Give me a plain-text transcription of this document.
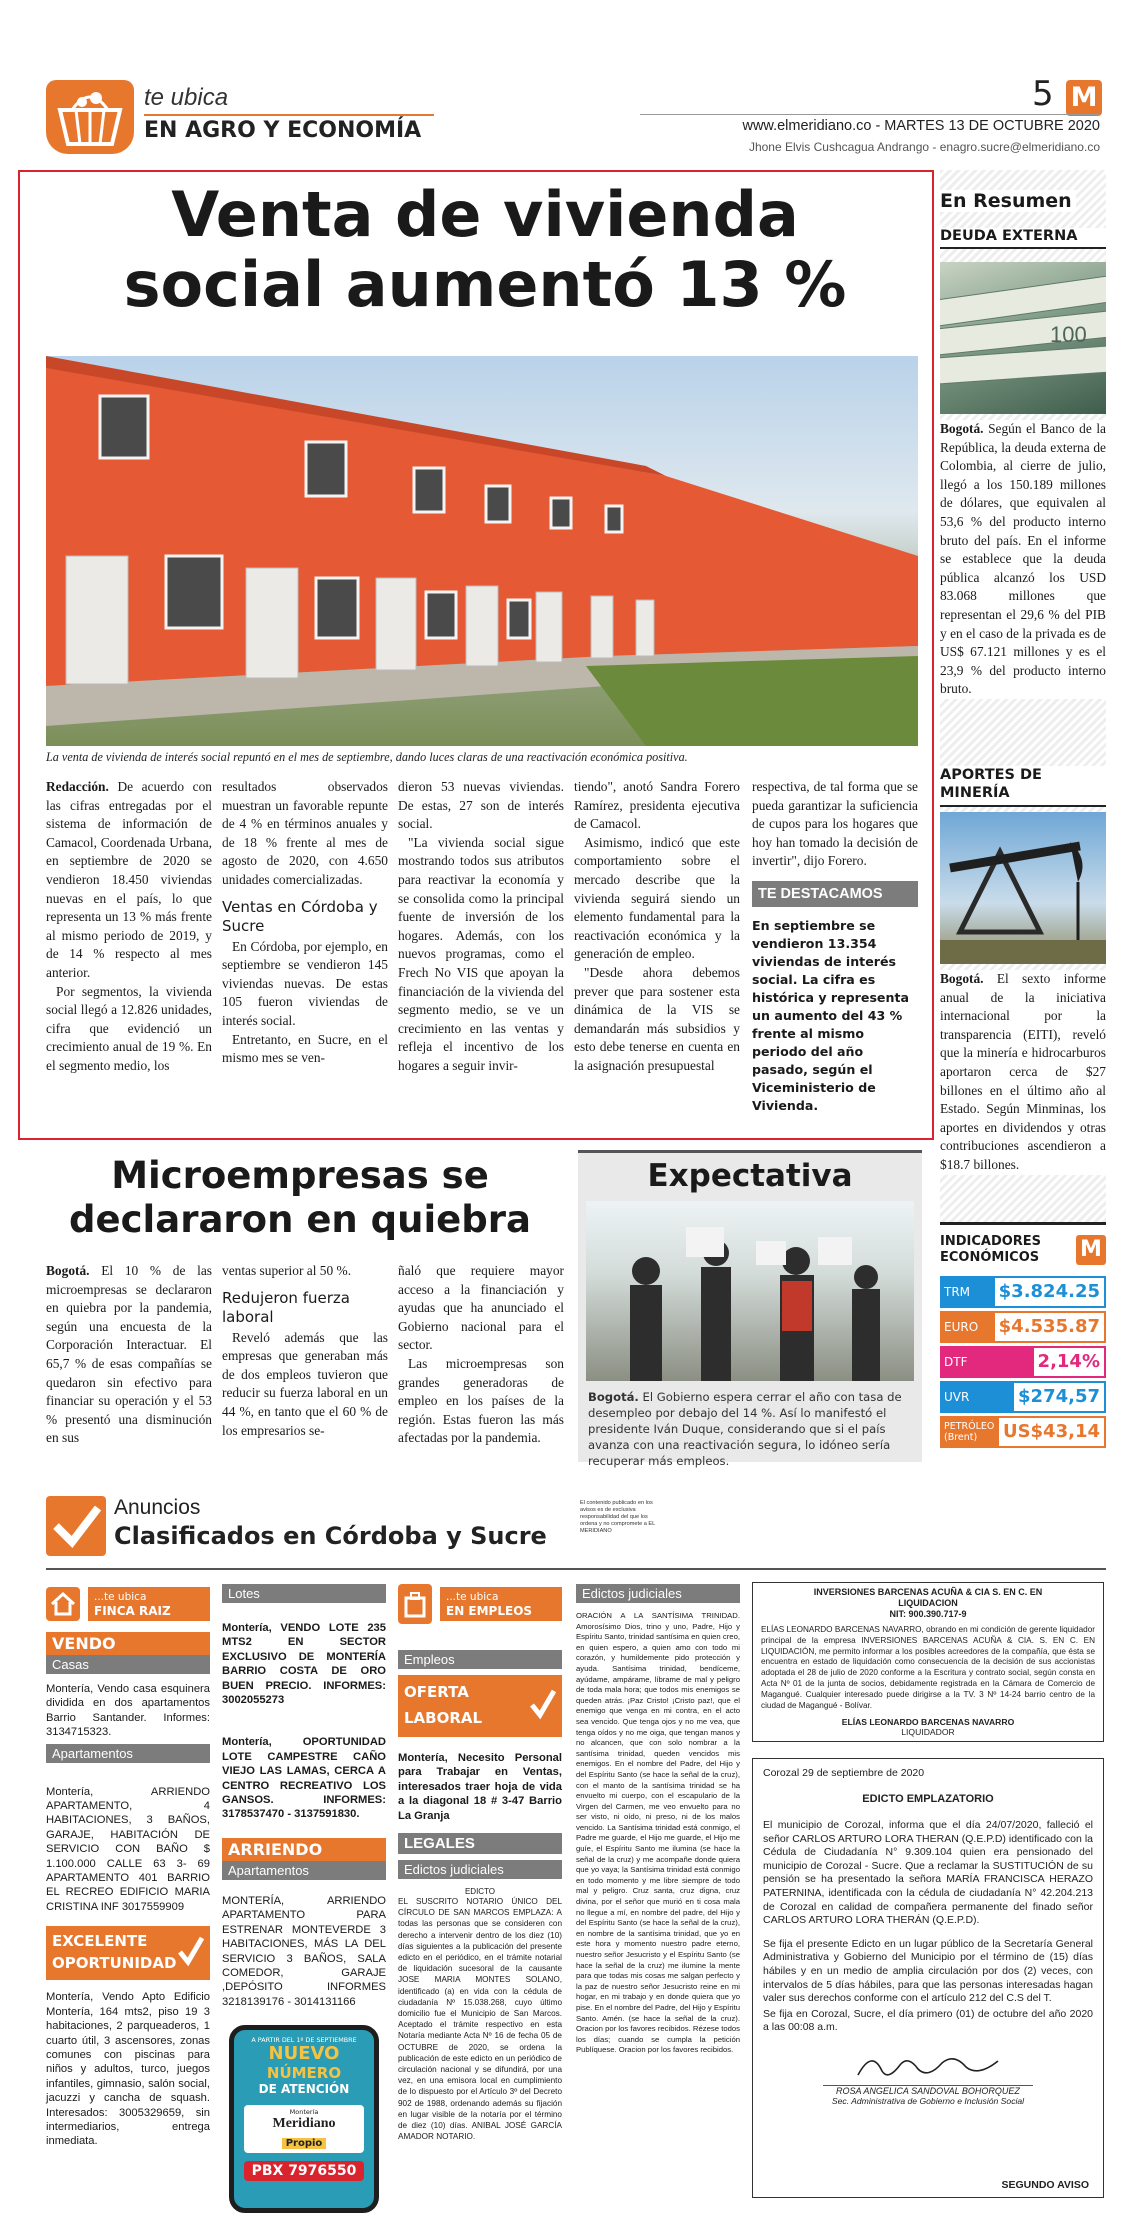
te ubica
EN AGRO Y ECONOMÍA
5 M
www.elmeridiano.co - MARTES 13 DE OCTUBRE 2020
Jhone Elvis Cushcagua Andrango - enagro.sucre@elmeridiano.co
Venta de vivienda social aumentó 13 %
La venta de vivienda de interés social repuntó en el mes de septiembre, dando luces claras de una reactivación económica positiva.
Redacción. De acuerdo con las cifras entregadas por el sistema de información de Camacol, Coordenada Urbana, en septiembre de 2020 se vendieron 18.450 viviendas nuevas en el país, lo que representa un 13 % más frente al mismo periodo de 2019, y de 14 % respecto al mes anterior.
Por segmentos, la vivienda social llegó a 12.826 unidades, cifra que evidenció un crecimiento anual de 19 %. En el segmento medio, los
resultados observados muestran un favorable repunte de 4 % en términos anuales y de 18 % frente al mes de agosto de 2020, con 4.650 unidades comercializadas.
Ventas en Córdoba y Sucre
En Córdoba, por ejemplo, en septiembre se vendieron 145 viviendas nuevas. De estas 105 fueron viviendas de interés social.
Entretanto, en Sucre, en el mismo mes se ven-
dieron 53 nuevas viviendas. De estas, 27 son de interés social.
"La vivienda social sigue mostrando todos sus atributos para reactivar la economía y se consolida como la principal fuente de inversión de los hogares. Además, con los nuevos programas, como el Frech No VIS que apoyan la financiación de la vivienda del segmento medio, se ve un crecimiento en las ventas y refleja el incentivo de los hogares a seguir invir-
tiendo", anotó Sandra Forero Ramírez, presidenta ejecutiva de Camacol.
Asimismo, indicó que este comportamiento sobre el mercado describe que la vivienda seguirá siendo un elemento fundamental para la reactivación económica y la generación de empleo.
"Desde ahora debemos prever que para sostener esta dinámica de la VIS se demandarán más subsidios y esto debe tenerse en cuenta en la asignación presupuestal
respectiva, de tal forma que se pueda garantizar la suficiencia de cupos para los hogares que hoy han tomado la decisión de invertir", dijo Forero.
TE DESTACAMOS
En septiembre se vendieron 13.354 viviendas de interés social. La cifra es histórica y representa un aumento del 43 % frente al mismo periodo del año pasado, según el Viceministerio de Vivienda.
En Resumen
DEUDA EXTERNA
100
Bogotá. Según el Banco de la República, la deuda externa de Colombia, al cierre de julio, llegó a los 150.189 millones de dólares, que equivalen al 53,6 % del producto interno bruto del país. En el informe se establece que la deuda pública alcanzó los USD 83.068 millones que representan el 29,6 % del PIB y en el caso de la privada es de US$ 67.121 millones y es el 23,9 % del producto interno bruto.
APORTES DE MINERÍA
Bogotá. El sexto informe anual de la iniciativa internacional por la transparencia (EITI), reveló que la minería e hidrocarburos aportaron cerca de $27 billones en el último año al Estado. Según Minminas, los aportes en dividendos y otras contribuciones ascendieron a $18.7 billones.
INDICADORES ECONÓMICOS	M
TRM $3.824.25
EURO $4.535.87
DTF	2,14%
UVR	$274,57
PETRÓLEO (Brent)	US$43,14
Microempresas se declararon en quiebra
Bogotá. El 10 % de las microempresas se declararon en quiebra por la pandemia, según una encuesta de la Corporación Interactuar. El 65,7 % de esas compañías se quedaron sin efectivo para financiar su operación y el 53 % presentó una disminución en sus
ventas superior al 50 %.
Redujeron fuerza laboral
Reveló además que las empresas que generaban más de dos empleos tuvieron que reducir su fuerza laboral en un 44 %, en tanto que el 60 % de los empresarios se-
ñaló que requiere mayor acceso a la financiación y ayudas que ha anunciado el Gobierno nacional para el sector.
Las microempresas son grandes generadoras de empleo en los países de la región. Estas fueron las más afectadas por la pandemia.
Expectativa
Bogotá. El Gobierno espera cerrar el año con tasa de desempleo por debajo del 14 %. Así lo manifestó el presidente Iván Duque, considerando que si el país avanza con una reactivación segura, lo idóneo sería recuperar más empleos.
Anuncios
Clasificados en Córdoba y Sucre
El contenido publicado en los avisos es de exclusiva responsabilidad del que los ordena y no compromete a EL MERIDIANO
...te ubica
FINCA RAIZ
VENDO
Casas
Montería, Vendo casa esquinera dividida en dos apartamentos Barrio Santander. Informes: 3134715323.
Apartamentos
Montería, ARRIENDO APARTAMENTO, 4 HABITACIONES, 3 BAÑOS, GARAJE, HABITACIÓN DE SERVICIO CON BAÑO $ 1.100.000 CALLE 63 3- 69 APARTAMENTO 401 BARRIO EL RECREO EDIFICIO MARIA CRISTINA INF 3017559909
EXCELENTE
OPORTUNIDAD
Montería, Vendo Apto Edificio Montería, 164 mts2, piso 19 3 habitaciones, 2 parqueaderos, 1 cuarto útil, 3 ascensores, zonas comunes con piscinas para niños y adultos, turco, juegos infantiles, gimnasio, salón social, jacuzzi y cancha de squash. Interesados: 3005329659, sin intermediarios, entrega inmediata.
Lotes
Montería, VENDO LOTE 235 MTS2 EN SECTOR EXCLUSIVO DE MONTERÍA BARRIO COSTA DE ORO BUEN PRECIO. INFORMES: 3002055273
Montería, OPORTUNIDAD LOTE CAMPESTRE CAÑO VIEJO LAS LAMAS, CERCA A CENTRO RECREATIVO LOS GANSOS. INFORMES: 3178537470 - 3137591830.
ARRIENDO
Apartamentos
MONTERÍA, ARRIENDO APARTAMENTO PARA ESTRENAR MONTEVERDE 3 HABITACIONES, MÁS LA DEL SERVICIO 3 BAÑOS, SALA COMEDOR, GARAJE ,DEPÓSITO INFORMES 3218139176 - 3014131166
A PARTIR DEL 1º DE SEPTIEMBRE
NUEVO
NÚMERO
DE ATENCIÓN
Montería
Meridiano
Propio
PBX 7976550
...te ubica
EN EMPLEOS
Empleos
OFERTA
LABORAL
Montería, Necesito Personal para Trabajar en Ventas, interesados traer hoja de vida a la diagonal 18 # 3-47 Barrio La Granja
LEGALES
Edictos judiciales
EDICTO
EL SUSCRITO NOTARIO ÚNICO DEL CÍRCULO DE SAN MARCOS EMPLAZA: A todas las personas que se consideren con derecho a intervenir dentro de los diez (10) días siguientes a la publicación del presente edicto en el periódico, en el trámite notarial de liquidación sucesoral de la causante JOSE MARIA MONTES SOLANO, identificado (a) en vida con la cédula de ciudadanía Nº 15.038.268, cuyo último domicilio fue el Municipio de San Marcos. Aceptado el trámite respectivo en esta Notaría mediante Acta Nº 16 de fecha 05 de OCTUBRE de 2020, se ordena la publicación de este edicto en un periódico de circulación nacional y se difundirá, por una vez, en una emisora local en cumplimiento de lo dispuesto por el Artículo 3º del Decreto 902 de 1988, ordenando además su fijación en lugar visible de la notaría por el término de diez (10) días. ANIBAL JOSÉ GARCÍA AMADOR NOTARIO.
Edictos judiciales
ORACIÓN A LA SANTÍSIMA TRINIDAD. Amorosísimo Dios, trino y uno, Padre, Hijo y Espíritu Santo, trinidad santísima en quien creo, en quien espero, a quien amo con todo mi corazón, y humildemente pido protección y ayuda. Santísima trinidad, bendíceme, ayúdame, ampárame, líbrame de mal y peligro de toda mala hora; que todos mis enemigos se queden atrás. ¡Paz Cristo! ¡Cristo paz!, que el enemigo que venga en mi contra, en el acto sea vencido. Que tenga ojos y no me vea, que tenga oídos y no me oiga, que tengan manos y no alcancen, que con solo nombrar a la santísima trinidad, queden vencidos mis enemigos. En el nombre del Padre, del Hijo y del Espíritu Santo (se hace la señal de la cruz), con el manto de la santísima trinidad se ha envuelto mi cuerpo, con el escapulario de la Virgen del Carmen, me veo envuelto para no ser visto, ni oído, ni preso, ni de los malos vencido. La Santísima trinidad está conmigo, el Padre me guarde, el Hijo me guarde, el Hijo me guíe, el Espíritu Santo me ilumina (se hace la señal de la cruz) y me acompañe donde quiera que yo vaya; la Santísima trinidad está conmigo en todo momento y me libre siempre de todo mal y peligro. Cruz santa, cruz digna, cruz divina, por el señor que murió en ti cosa mala no llegue a mí, en nombre del padre, del Hijo y del Espíritu Santo (se hace la señal de la cruz), en nombre de la santísima trinidad, que yo en este hora y momento nuestro padre eterno, nuestro señor Jesucristo y el Espíritu Santo (se hace la señal de la cruz) me ilumine la mente para que todas mis cosas me salgan perfecto y la paz de nuestro señor Jesucristo reine en mi hogar, en mi trabajo y en donde quiera que yo pise. En el nombre del Padre, del Hijo y Espíritu Santo. Amén. (se hace la señal de la cruz). Oracion por los favores recibidos. Rézese todos los días; cuando se cumpla la petición Publíquese. Oracion por los favores recibidos.
INVERSIONES BARCENAS ACUÑA & CIA S. EN C. EN LIQUIDACION
NIT: 900.390.717-9
ELÍAS LEONARDO BARCENAS NAVARRO, obrando en mi condición de gerente liquidador principal de la empresa INVERSIONES BARCENAS ACUÑA & CIA. S. EN C. EN LIQUIDACIÓN, me permito informar a los posibles acreedores de la compañía, que ésta se encuentra en estado de liquidación como consecuencia de la decisión de sus accionistas adoptada el 28 de julio de 2020 conforme a la Escritura y contrato social, según consta en Acta Nº 01 de la junta de socios, debidamente registrada en la Cámara de Comercio de Magangué. Cualquier interesado puede dirigirse a la TV. 3 Nº 14-24 barrio centro de la ciudad de Magangué - Bolívar.
ELÍAS LEONARDO BARCENAS NAVARRO
LIQUIDADOR
Corozal 29 de septiembre de 2020
EDICTO EMPLAZATORIO
El municipio de Corozal, informa que el día 24/07/2020, falleció el señor CARLOS ARTURO LORA THERAN (Q.E.P.D) identificado con la Cédula de Ciudadanía N° 9.309.104 quien era pensionado del municipio de Corozal - Sucre. Que a reclamar la SUSTITUCIÓN de su pensión se ha presentado la señora MARÍA FRANCISCA HERAZO PATERNINA, identificada con la cédula de ciudadanía N° 42.204.213 de Corozal en calidad de compañera permanente del finado señor CARLOS ARTURO LORA THERÁN (Q.E.P.D).
Se fija el presente Edicto en un lugar público de la Secretaría General Administrativa y Gobierno del Municipio por el término de (15) días hábiles y en un medio de amplia circulación por dos (2) veces, con intervalos de 5 días hábiles, para que las personas interesadas hagan valer sus derechos conforme con el artículo 212 del C.S del T.
Se fija en Corozal, Sucre, el día primero (01) de octubre del año 2020 a las 00:08 a.m.
ROSA ANGELICA SANDOVAL BOHORQUEZ
Sec. Administrativa de Gobierno e Inclusión Social
SEGUNDO AVISO
